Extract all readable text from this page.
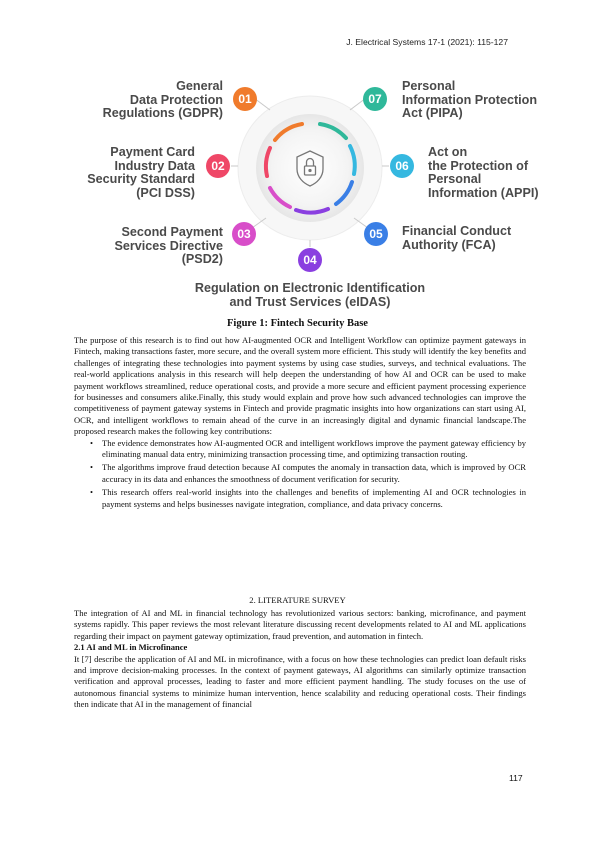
J. Electrical Systems 17-1 (2021): 115-127
General
Data Protection
Regulations (GDPR)
01
Payment Card
Industry Data
Security Standard
(PCI DSS)
02
Second Payment
Services Directive
(PSD2)
03
04
Regulation on Electronic Identification
and Trust Services (eIDAS)
05	Financial Conduct
Authority (FCA)
06
Act on
the Protection of
Personal
Information (APPI)
07
Personal
Information Protection
Act (PIPA)
Figure 1: Fintech Security Base

The purpose of this research is to find out how AI-augmented OCR and Intelligent Workflow can optimize payment gateways in Fintech, making transactions faster, more secure, and the overall system more efficient. This study will identify the key benefits and challenges of integrating these technologies into payment systems by using case studies, surveys, and technical evaluations. The real-world applications analysis in this research will help deepen the understanding of how AI and OCR can be used to make payment workflows streamlined, reduce operational costs, and provide a more secure and efficient payment processing experience for businesses and consumers alike.Finally, this study would explain and prove how such advanced technologies can improve the competitiveness of payment gateway systems in Fintech and provide pragmatic insights into how organizations can start using AI, OCR, and intelligent workflows to remain ahead of the curve in an increasingly digital and dynamic financial landscape.The proposed research makes the following key contributions:

• The evidence demonstrates how AI-augmented OCR and intelligent workflows improve the payment gateway efficiency by eliminating manual data entry, minimizing transaction processing time, and optimizing transaction routing.
• The algorithms improve fraud detection because AI computes the anomaly in transaction data, which is improved by OCR accuracy in its data and enhances the smoothness of document verification for security.
• This research offers real-world insights into the challenges and benefits of implementing AI and OCR technologies in payment systems and helps businesses navigate integration, compliance, and data privacy concerns.
2. LITERATURE SURVEY

The integration of AI and ML in financial technology has revolutionized various sectors: banking, microfinance, and payment systems rapidly. This paper reviews the most relevant literature discussing recent developments related to AI and ML applications regarding their impact on payment gateway optimization, fraud prevention, and automation in fintech.

2.1 AI and ML in Microfinance

It [7] describe the application of AI and ML in microfinance, with a focus on how these technologies can predict loan default risks and improve decision-making processes. In the context of payment gateways, AI algorithms can similarly optimize transaction verification and approval processes, leading to faster and more efficient payment handling. The study focuses on the use of autonomous financial systems to minimize human intervention, hence scalability and reducing operational costs. Their findings then indicate that AI in the management of financial

117
